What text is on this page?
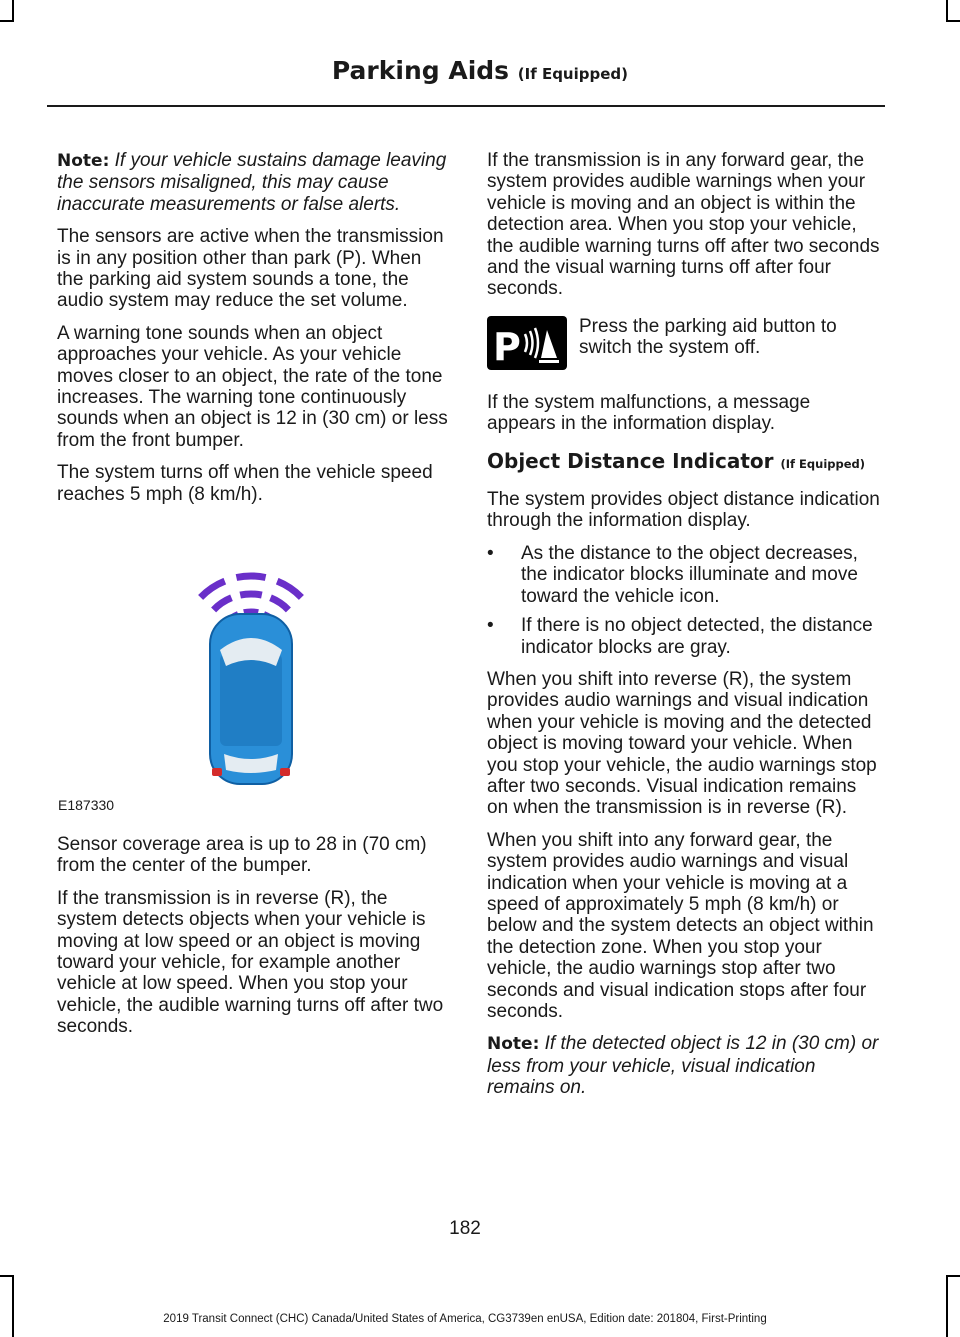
Parking Aids (If Equipped)

Note: If your vehicle sustains damage leaving the sensors misaligned, this may cause inaccurate measurements or false alerts.

The sensors are active when the transmission is in any position other than park (P). When the parking aid system sounds a tone, the audio system may reduce the set volume.

A warning tone sounds when an object approaches your vehicle. As your vehicle moves closer to an object, the rate of the tone increases. The warning tone continuously sounds when an object is 12 in (30 cm) or less from the front bumper.

The system turns off when the vehicle speed reaches 5 mph (8 km/h).

E187330

Sensor coverage area is up to 28 in (70 cm) from the center of the bumper.

If the transmission is in reverse (R), the system detects objects when your vehicle is moving at low speed or an object is moving toward your vehicle, for example another vehicle at low speed. When you stop your vehicle, the audible warning turns off after two seconds.

If the transmission is in any forward gear, the system provides audible warnings when your vehicle is moving and an object is within the detection area. When you stop your vehicle, the audible warning turns off after two seconds and the visual warning turns off after four seconds.

P	Press the parking aid button to switch the system off.

If the system malfunctions, a message appears in the information display.

Object Distance Indicator (If Equipped)

The system provides object distance indication through the information display.

• As the distance to the object decreases, the indicator blocks illuminate and move toward the vehicle icon.
• If there is no object detected, the distance indicator blocks are gray.

When you shift into reverse (R), the system provides audio warnings and visual indication when your vehicle is moving and the detected object is moving toward your vehicle. When you stop your vehicle, the audio warnings stop after two seconds. Visual indication remains on when the transmission is in reverse (R).

When you shift into any forward gear, the system provides audio warnings and visual indication when your vehicle is moving at a speed of approximately 5 mph (8 km/h) or below and the system detects an object within the detection zone. When you stop your vehicle, the audio warnings stop after two seconds and visual indication stops after four seconds.

Note: If the detected object is 12 in (30 cm) or less from your vehicle, visual indication remains on.

182
2019 Transit Connect (CHC) Canada/United States of America, CG3739en enUSA, Edition date: 201804, First-Printing
